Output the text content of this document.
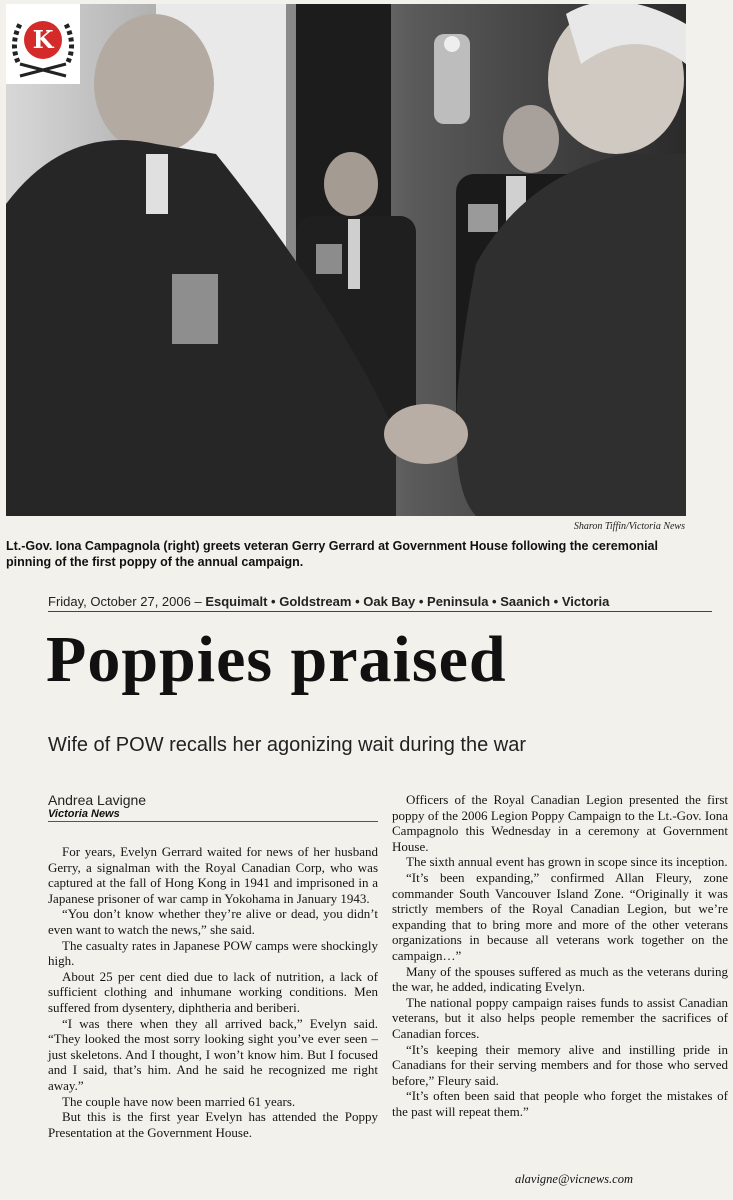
K
Sharon Tiffin/Victoria News
Lt.-Gov. Iona Campagnola (right) greets veteran Gerry Gerrard at Government House following the ceremonial pinning of the first poppy of the annual campaign.
Friday, October 27, 2006 – Esquimalt • Goldstream • Oak Bay • Peninsula • Saanich • Victoria
Poppies praised
Wife of POW recalls her agonizing wait during the war
Andrea Lavigne
Victoria News

For years, Evelyn Gerrard waited for news of her husband Gerry, a signalman with the Royal Canadian Corp, who was captured at the fall of Hong Kong in 1941 and imprisoned in a Japanese prisoner of war camp in Yokohama in January 1943.

“You don’t know whether they’re alive or dead, you didn’t even want to watch the news,” she said.

The casualty rates in Japanese POW camps were shockingly high.

About 25 per cent died due to lack of nutrition, a lack of sufficient clothing and inhumane working conditions. Men suffered from dysentery, diphtheria and beriberi.

“I was there when they all arrived back,” Evelyn said. “They looked the most sorry looking sight you’ve ever seen – just skeletons. And I thought, I won’t know him. But I focused and I said, that’s him. And he said he recognized me right away.”

The couple have now been married 61 years.

But this is the first year Evelyn has attended the Poppy Presentation at the Government House.

Officers of the Royal Canadian Legion presented the first poppy of the 2006 Legion Poppy Campaign to the Lt.-Gov. Iona Campagnolo this Wednesday in a ceremony at Government House.

The sixth annual event has grown in scope since its inception.

“It’s been expanding,” confirmed Allan Fleury, zone commander South Vancouver Island Zone. “Originally it was strictly members of the Royal Canadian Legion, but we’re expanding that to bring more and more of the other veterans organizations in because all veterans work together on the campaign…”

Many of the spouses suffered as much as the veterans during the war, he added, indicating Evelyn.

The national poppy campaign raises funds to assist Canadian veterans, but it also helps people remember the sacrifices of Canadian forces.

“It’s keeping their memory alive and instilling pride in Canadians for their serving members and for those who served before,” Fleury said.

“It’s often been said that people who forget the mistakes of the past will repeat them.”

alavigne@vicnews.com
